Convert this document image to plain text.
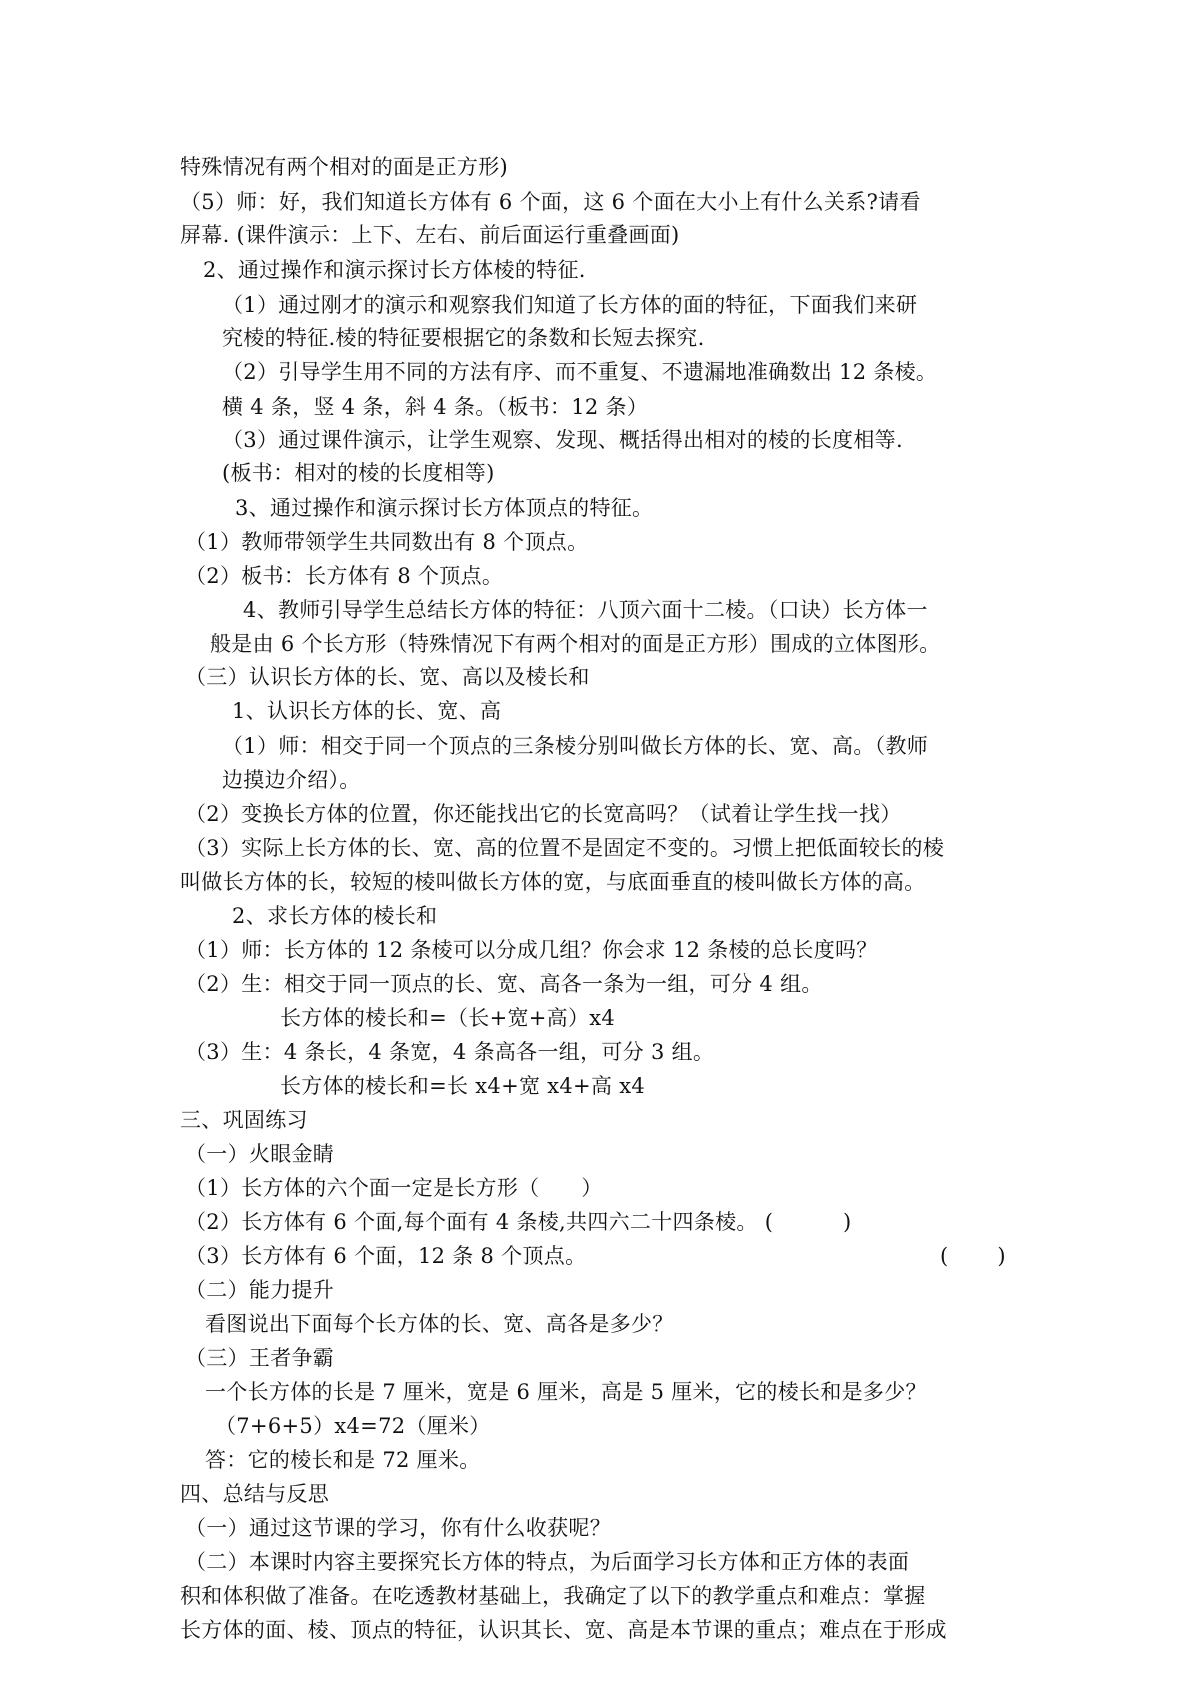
特殊情况有两个相对的面是正方形)
（5）师：好，我们知道长方体有 6 个面，这 6 个面在大小上有什么关系?请看
屏幕. (课件演示：上下、左右、前后面运行重叠画面)
2、通过操作和演示探讨长方体棱的特征.
（1）通过刚才的演示和观察我们知道了长方体的面的特征，下面我们来研
究棱的特征.棱的特征要根据它的条数和长短去探究.
（2）引导学生用不同的方法有序、而不重复、不遗漏地准确数出 12 条棱。
横 4 条，竖 4 条，斜 4 条。（板书：12 条）
（3）通过课件演示，让学生观察、发现、概括得出相对的棱的长度相等.
(板书：相对的棱的长度相等)
3、通过操作和演示探讨长方体顶点的特征。
（1）教师带领学生共同数出有 8 个顶点。
（2）板书：长方体有 8 个顶点。
4、教师引导学生总结长方体的特征：八顶六面十二棱。（口诀）长方体一
般是由 6 个长方形（特殊情况下有两个相对的面是正方形）围成的立体图形。
（三）认识长方体的长、宽、高以及棱长和
1、认识长方体的长、宽、高
（1）师：相交于同一个顶点的三条棱分别叫做长方体的长、宽、高。（教师
边摸边介绍）。
（2）变换长方体的位置，你还能找出它的长宽高吗？（试着让学生找一找）
（3）实际上长方体的长、宽、高的位置不是固定不变的。习惯上把低面较长的棱
叫做长方体的长，较短的棱叫做长方体的宽，与底面垂直的棱叫做长方体的高。
2、求长方体的棱长和
（1）师：长方体的 12 条棱可以分成几组？你会求 12 条棱的总长度吗？
（2）生：相交于同一顶点的长、宽、高各一条为一组，可分 4 组。
长方体的棱长和=（长+宽+高）x4
（3）生：4 条长，4 条宽，4 条高各一组，可分 3 组。
长方体的棱长和=长 x4+宽 x4+高 x4
三、巩固练习
（一）火眼金睛
（1）长方体的六个面一定是长方形（      ）
（2）长方体有 6 个面,每个面有 4 条棱,共四六二十四条棱。 (          )
（3）长方体有 6 个面，12 条 8 个顶点。	(       )
（二）能力提升
看图说出下面每个长方体的长、宽、高各是多少？
（三）王者争霸
一个长方体的长是 7 厘米，宽是 6 厘米，高是 5 厘米，它的棱长和是多少？
（7+6+5）x4=72（厘米）
答：它的棱长和是 72 厘米。
四、总结与反思
（一）通过这节课的学习，你有什么收获呢？
（二）本课时内容主要探究长方体的特点，为后面学习长方体和正方体的表面
积和体积做了准备。在吃透教材基础上，我确定了以下的教学重点和难点：掌握
长方体的面、棱、顶点的特征，认识其长、宽、高是本节课的重点；难点在于形成
